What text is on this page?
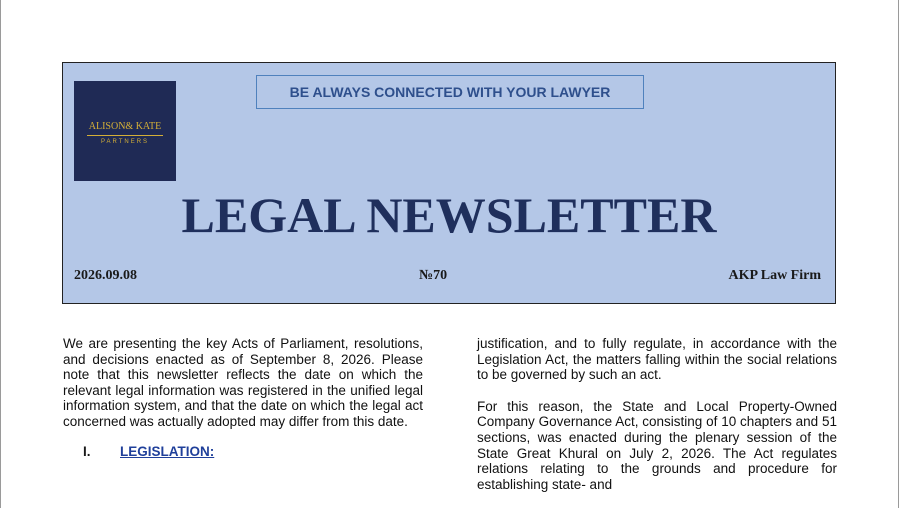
ALISON& KATE
PARTNERS
BE ALWAYS CONNECTED WITH YOUR LAWYER
LEGAL NEWSLETTER
2026.09.08	№70	AKP Law Firm

We are presenting the key Acts of Parliament, resolutions, and decisions enacted as of September 8, 2026. Please note that this newsletter reflects the date on which the relevant legal information was registered in the unified legal information system, and that the date on which the legal act concerned was actually adopted may differ from this date.

I. LEGISLATION:

justification, and to fully regulate, in accordance with the Legislation Act, the matters falling within the social relations to be governed by such an act.

For this reason, the State and Local Property-Owned Company Governance Act, consisting of 10 chapters and 51 sections, was enacted during the plenary session of the State Great Khural on July 2, 2026. The Act regulates relations relating to the grounds and procedure for establishing state- and
